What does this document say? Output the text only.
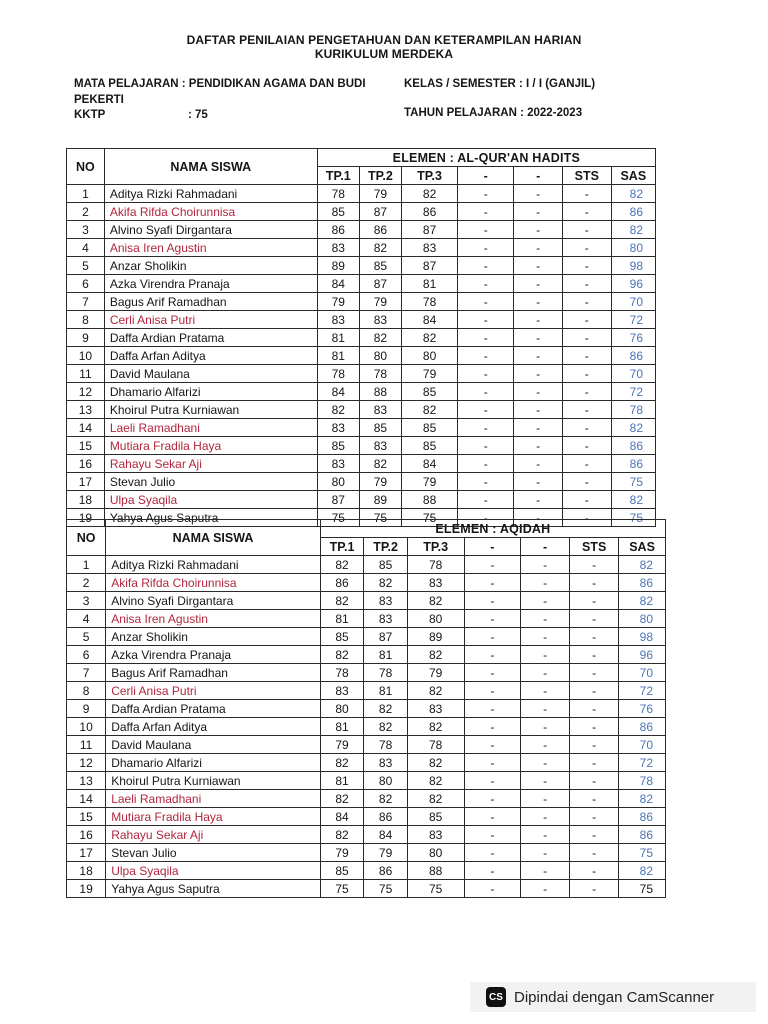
DAFTAR PENILAIAN PENGETAHUAN DAN KETERAMPILAN HARIAN
KURIKULUM MERDEKA
MATA PELAJARAN : PENDIDIKAN AGAMA DAN BUDI
PEKERTI
KKTP	: 75
KELAS / SEMESTER : I / I (GANJIL)
TAHUN PELAJARAN : 2022-2023
NO	NAMA SISWA	ELEMEN : AL-QUR'AN HADITS						
		TP.1	TP.2	TP.3	-	-	STS	SAS
1	Aditya Rizki Rahmadani	78	79	82	-	-	-	82
2	Akifa Rifda Choirunnisa	85	87	86	-	-	-	86
3	Alvino Syafi Dirgantara	86	86	87	-	-	-	82
4	Anisa Iren Agustin	83	82	83	-	-	-	80
5	Anzar Sholikin	89	85	87	-	-	-	98
6	Azka Virendra Pranaja	84	87	81	-	-	-	96
7	Bagus Arif Ramadhan	79	79	78	-	-	-	70
8	Cerli Anisa Putri	83	83	84	-	-	-	72
9	Daffa Ardian Pratama	81	82	82	-	-	-	76
10	Daffa Arfan Aditya	81	80	80	-	-	-	86
11	David Maulana	78	78	79	-	-	-	70
12	Dhamario Alfarizi	84	88	85	-	-	-	72
13	Khoirul Putra Kurniawan	82	83	82	-	-	-	78
14	Laeli Ramadhani	83	85	85	-	-	-	82
15	Mutiara Fradila Haya	85	83	85	-	-	-	86
16	Rahayu Sekar Aji	83	82	84	-	-	-	86
17	Stevan Julio	80	79	79	-	-	-	75
18	Ulpa Syaqila	87	89	88	-	-	-	82
19	Yahya Agus Saputra	75	75	75	-	-	-	75
NO	NAMA SISWA	ELEMEN : AQIDAH						
		TP.1	TP.2	TP.3	-	-	STS	SAS
1	Aditya Rizki Rahmadani	82	85	78	-	-	-	82
2	Akifa Rifda Choirunnisa	86	82	83	-	-	-	86
3	Alvino Syafi Dirgantara	82	83	82	-	-	-	82
4	Anisa Iren Agustin	81	83	80	-	-	-	80
5	Anzar Sholikin	85	87	89	-	-	-	98
6	Azka Virendra Pranaja	82	81	82	-	-	-	96
7	Bagus Arif Ramadhan	78	78	79	-	-	-	70
8	Cerli Anisa Putri	83	81	82	-	-	-	72
9	Daffa Ardian Pratama	80	82	83	-	-	-	76
10	Daffa Arfan Aditya	81	82	82	-	-	-	86
11	David Maulana	79	78	78	-	-	-	70
12	Dhamario Alfarizi	82	83	82	-	-	-	72
13	Khoirul Putra Kurniawan	81	80	82	-	-	-	78
14	Laeli Ramadhani	82	82	82	-	-	-	82
15	Mutiara Fradila Haya	84	86	85	-	-	-	86
16	Rahayu Sekar Aji	82	84	83	-	-	-	86
17	Stevan Julio	79	79	80	-	-	-	75
18	Ulpa Syaqila	85	86	88	-	-	-	82
19	Yahya Agus Saputra	75	75	75	-	-	-	75
CS Dipindai dengan CamScanner
